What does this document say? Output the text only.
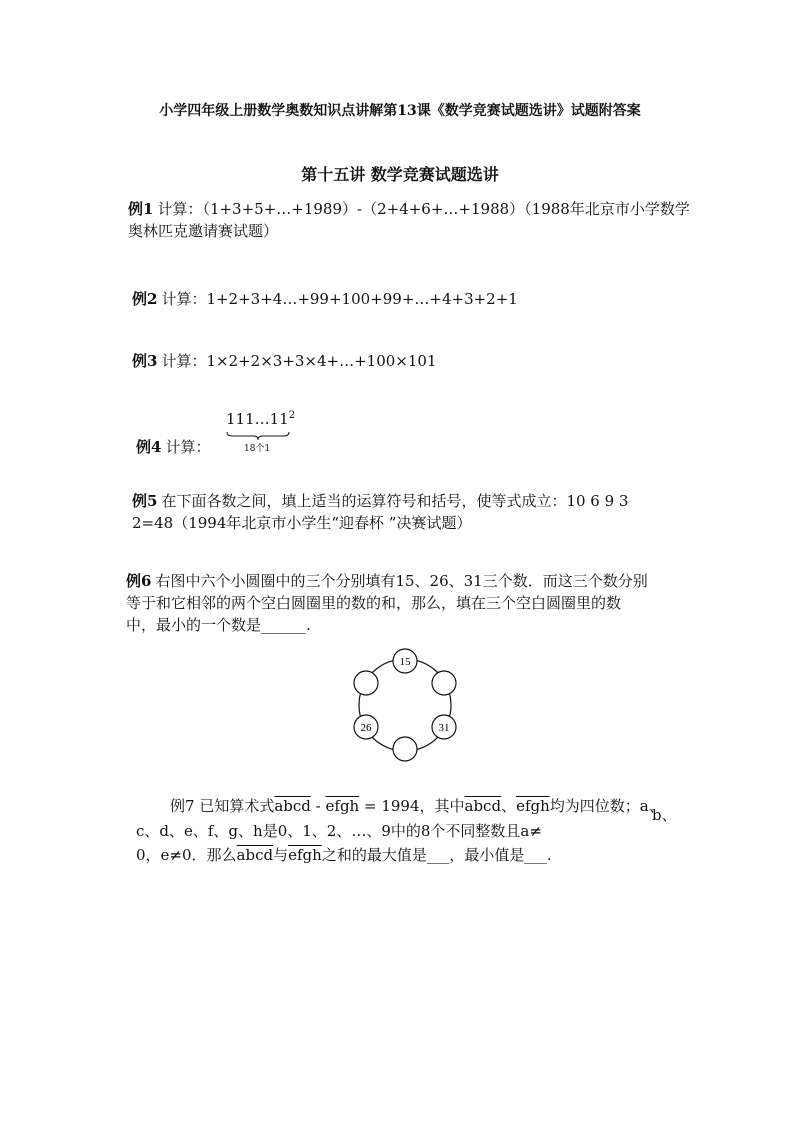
小学四年级上册数学奥数知识点讲解第13课《数学竞赛试题选讲》试题附答案
第十五讲 数学竞赛试题选讲
例1 计算：（1+3+5+…+1989）-（2+4+6+…+1988）（1988年北京市小学数学
奥林匹克邀请赛试题）
例2 计算：1+2+3+4…+99+100+99+…+4+3+2+1
例3 计算：1×2+2×3+3×4+…+100×101
例4 计算：
$111\dots 11^2$
18个1
例5 在下面各数之间，填上适当的运算符号和括号，使等式成立：10 6 9 3
2=48（1994年北京市小学生“迎春杯 ”决赛试题）
例6 右图中六个小圆圈中的三个分别填有15、26、31三个数．而这三个数分别
等于和它相邻的两个空白圆圈里的数的和，那么，填在三个空白圆圈里的数
中，最小的一个数是______.
15
26	31
例7 已知算术式abcd - efgh = 1994，其中abcd、efgh均为四位数；a、
b、
c、d、e、f、g、h是0、1、2、…、9中的8个不同整数且a≠
0，e≠0．那么abcd与efgh之和的最大值是___，最小值是___.
